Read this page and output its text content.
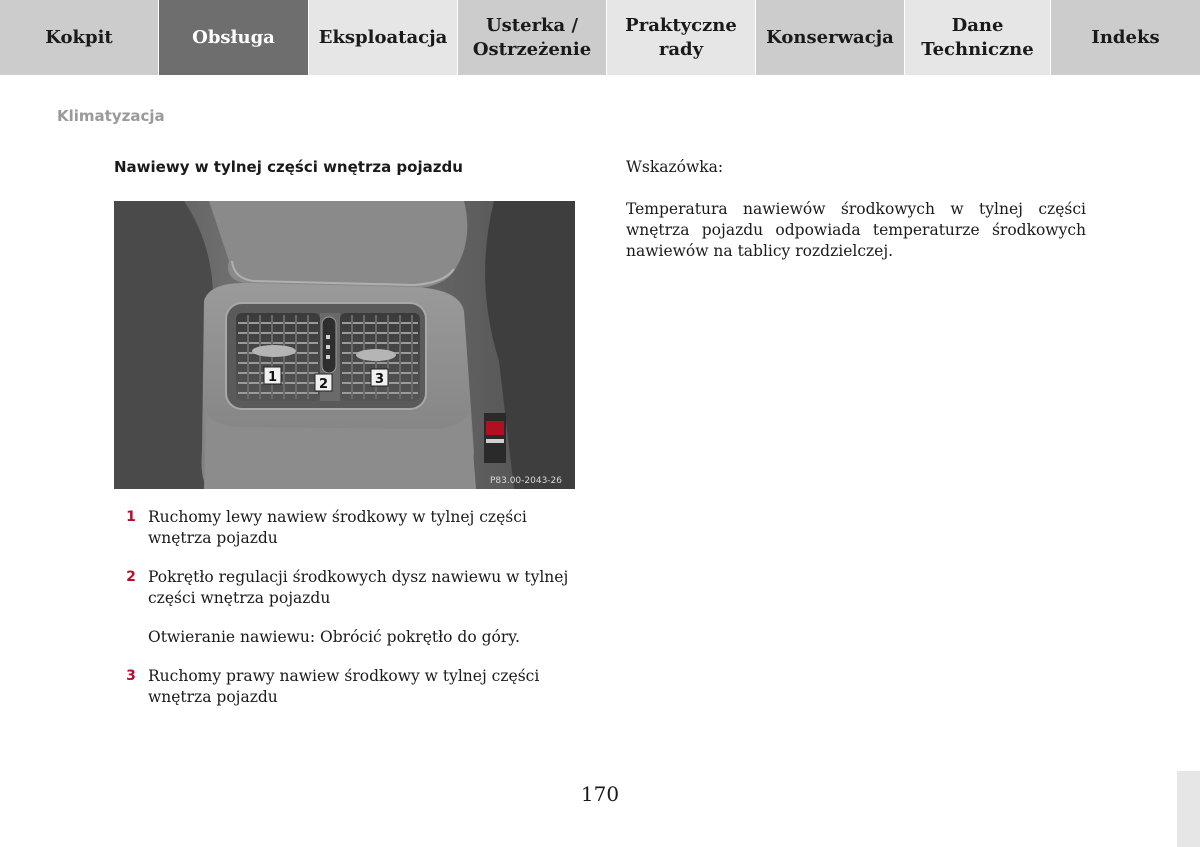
Kokpit	Obsługa Eksploatacja
Usterka /
Ostrzeżenie
Praktyczne
rady
Konserwacja
Dane
Techniczne
Indeks
Klimatyzacja
Nawiewy w tylnej części wnętrza pojazdu
1	2	3
P83.00-2043-26
1 Ruchomy lewy nawiew środkowy w tylnej części wnętrza pojazdu
2 Pokrętło regulacji środkowych dysz nawiewu w tylnej części wnętrza pojazdu
Otwieranie nawiewu: Obrócić pokrętło do góry.
3 Ruchomy prawy nawiew środkowy w tylnej części wnętrza pojazdu
Wskazówka:
Temperatura nawiewów środkowych w tylnej części wnętrza pojazdu odpowiada temperaturze środkowych nawiewów na tablicy rozdzielczej.
170
